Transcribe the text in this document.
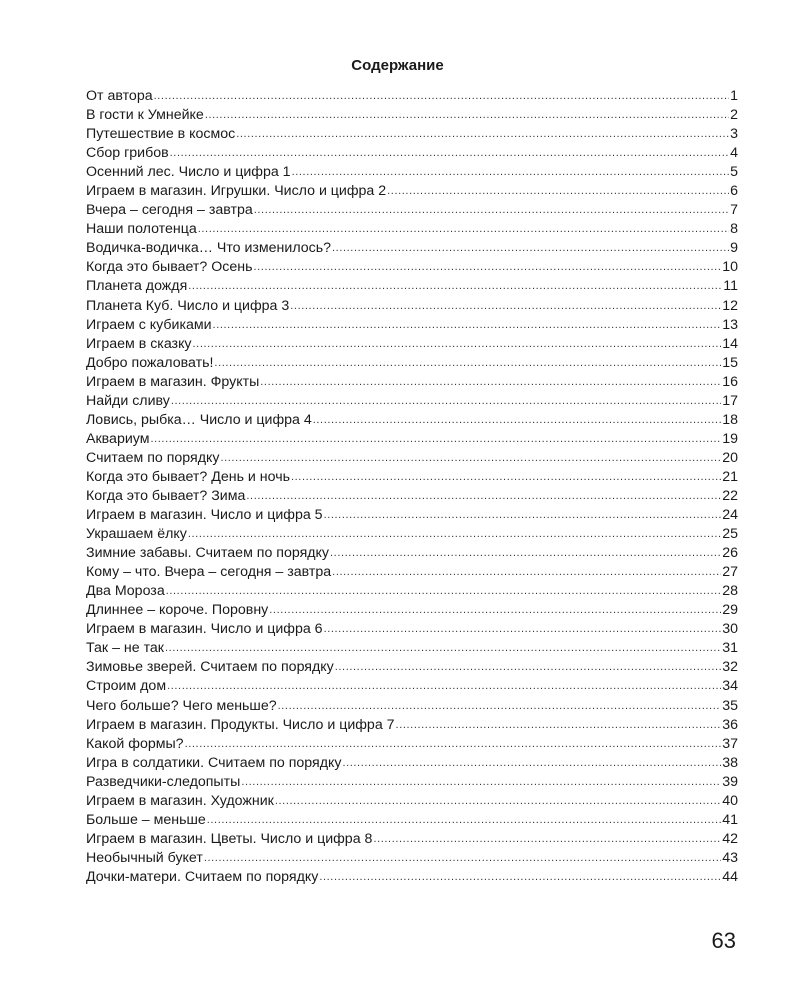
Содержание
От автора .....	1
В гости к Умнейке .....	2
Путешествие в космос .....	3
Сбор грибов .....	4
Осенний лес. Число и цифра 1 .....	5
Играем в магазин. Игрушки. Число и цифра 2 .....	6
Вчера – сегодня – завтра .....	7
Наши полотенца .....	8
Водичка-водичка… Что изменилось? .....	9
Когда это бывает? Осень .....	10
Планета дождя .....	11
Планета Куб. Число и цифра 3 .....	12
Играем с кубиками .....	13
Играем в сказку .....	14
Добро пожаловать! .....	15
Играем в магазин. Фрукты .....	16
Найди сливу .....	17
Ловись, рыбка… Число и цифра 4 .....	18
Аквариум .....	19
Считаем по порядку .....	20
Когда это бывает? День и ночь .....	21
Когда это бывает? Зима .....	22
Играем в магазин. Число и цифра 5 .....	24
Украшаем ёлку .....	25
Зимние забавы. Считаем по порядку .....	26
Кому – что. Вчера – сегодня – завтра .....	27
Два Мороза .....	28
Длиннее – короче. Поровну .....	29
Играем в магазин. Число и цифра 6 .....	30
Так – не так .....	31
Зимовье зверей. Считаем по порядку .....	32
Строим дом .....	34
Чего больше? Чего меньше? .....	35
Играем в магазин. Продукты. Число и цифра 7 .....	36
Какой формы? .....	37
Игра в солдатики. Считаем по порядку .....	38
Разведчики-следопыты .....	39
Играем в магазин. Художник .....	40
Больше – меньше .....	41
Играем в магазин. Цветы. Число и цифра 8 .....	42
Необычный букет .....	43
Дочки-матери. Считаем по порядку .....	44
63
